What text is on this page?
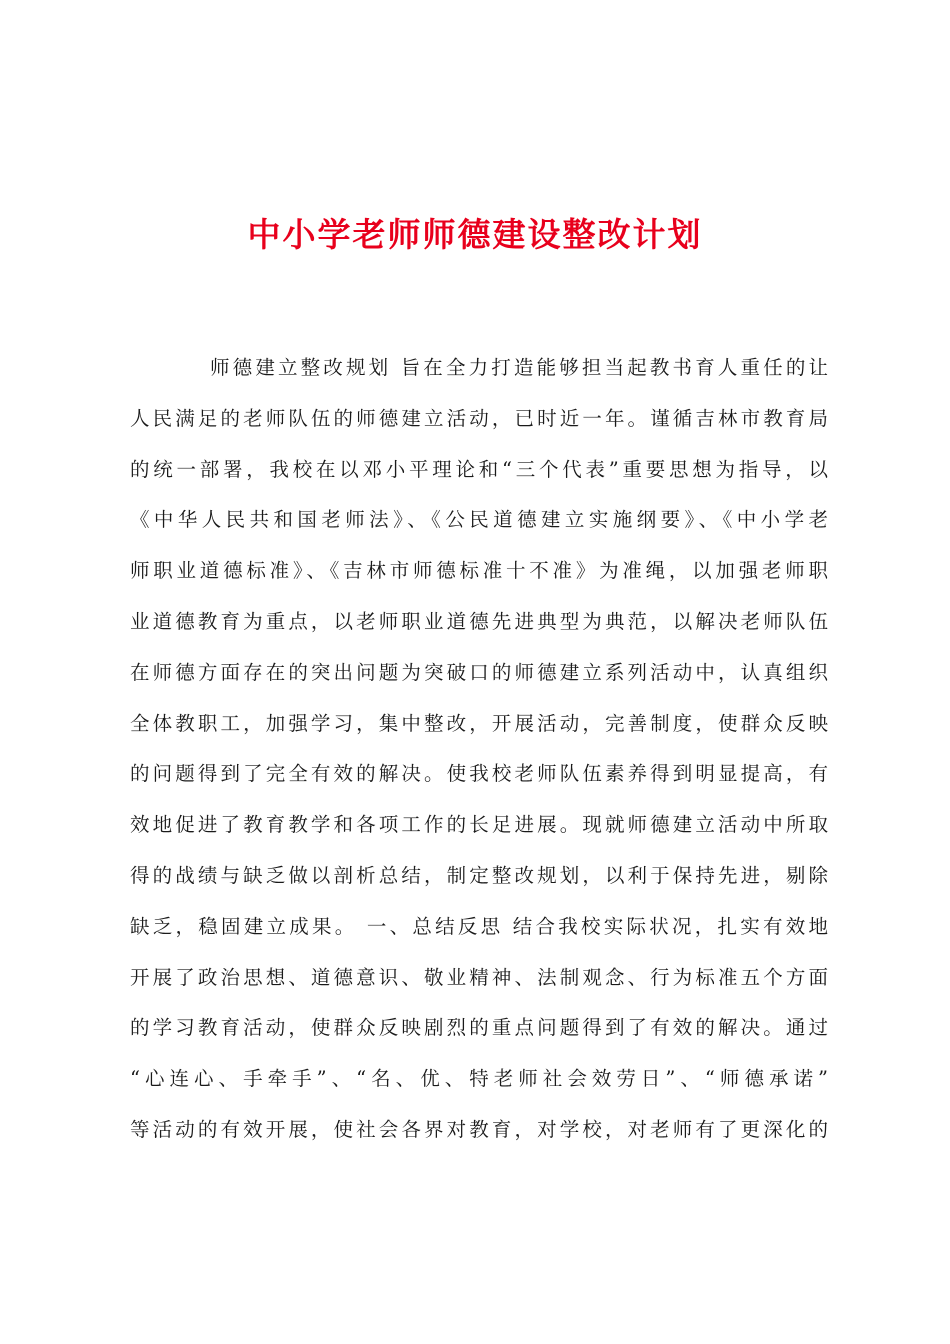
中小学老师师德建设整改计划
师德建立整改规划 旨在全力打造能够担当起教书育人重任的让
人民满足的老师队伍的师德建立活动，已时近一年。谨循吉林市教育局
的统一部署，我校在以邓小平理论和“三个代表”重要思想为指导，以
《中华人民共和国老师法》、《公民道德建立实施纲要》、《中小学老
师职业道德标准》、《吉林市师德标准十不准》为准绳，以加强老师职
业道德教育为重点，以老师职业道德先进典型为典范，以解决老师队伍
在师德方面存在的突出问题为突破口的师德建立系列活动中，认真组织
全体教职工，加强学习，集中整改，开展活动，完善制度，使群众反映
的问题得到了完全有效的解决。使我校老师队伍素养得到明显提高，有
效地促进了教育教学和各项工作的长足进展。现就师德建立活动中所取
得的战绩与缺乏做以剖析总结，制定整改规划，以利于保持先进，剔除
缺乏，稳固建立成果。 一、总结反思 结合我校实际状况，扎实有效地
开展了政治思想、道德意识、敬业精神、法制观念、行为标准五个方面
的学习教育活动，使群众反映剧烈的重点问题得到了有效的解决。通过
“心连心、手牵手”、“名、优、特老师社会效劳日”、“师德承诺”
等活动的有效开展，使社会各界对教育，对学校，对老师有了更深化的
